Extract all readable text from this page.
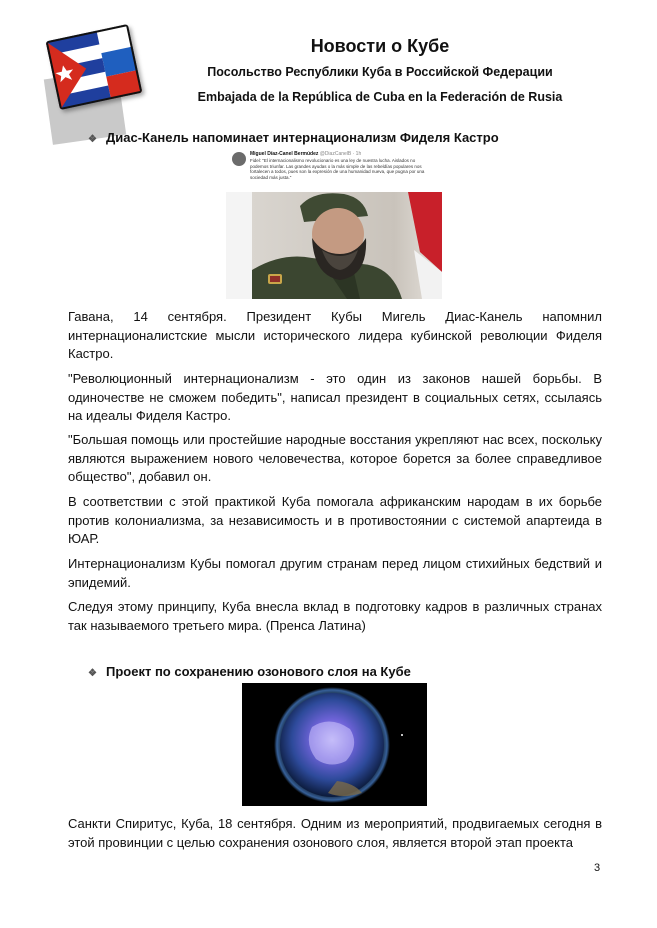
Новости о Кубе
Посольство Республики Куба в Российской Федерации
Embajada de la República de Cuba en la Federación de Rusia
❖ Диас-Канель напоминает интернационализм Фиделя Кастро
Miguel Díaz-Canel Bermúdez @DiazCanelB · 1h
Fidel: "El internacionalismo revolucionario es una ley de nuestra lucha. Aislados no podemos triunfar. Las grandes ayudas o la más simple de las rebeldías populares nos fortalecen a todos, pues son la expresión de una humanidad nueva, que pugna por una sociedad más justa."

Гавана, 14 сентября. Президент Кубы Мигель Диас-Канель напомнил интернационалистские мысли исторического лидера кубинской революции Фиделя Кастро.

"Революционный интернационализм - это один из законов нашей борьбы. В одиночестве не сможем победить", написал президент в социальных сетях, ссылаясь на идеалы Фиделя Кастро.

"Большая помощь или простейшие народные восстания укрепляют нас всех, поскольку являются выражением нового человечества, которое борется за более справедливое общество", добавил он.

В соответствии с этой практикой Куба помогала африканским народам в их борьбе против колониализма, за независимость и в противостоянии с системой апартеида в ЮАР.

Интернационализм Кубы помогал другим странам перед лицом стихийных бедствий и эпидемий.

Следуя этому принципу, Куба внесла вклад в подготовку кадров в различных странах так называемого третьего мира. (Пренса Латина)

❖ Проект по сохранению озонового слоя на Кубе

Санкти Спиритус, Куба, 18 сентября. Одним из мероприятий, продвигаемых сегодня в этой провинции с целью сохранения озонового слоя, является второй этап проекта

3
